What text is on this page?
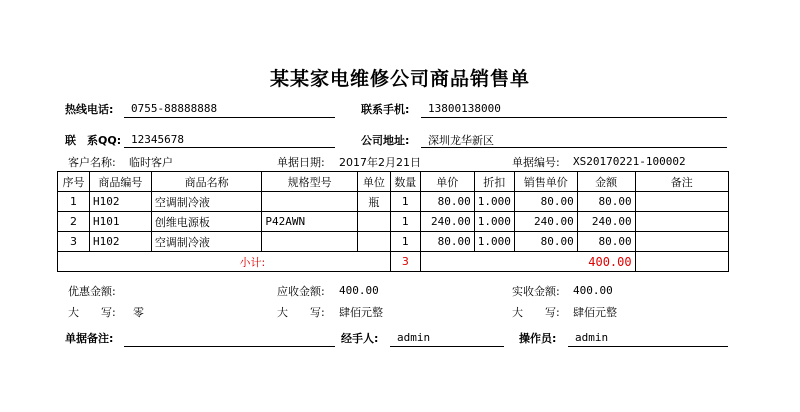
某某家电维修公司商品销售单
热线电话: 0755-88888888	联系手机: 13800138000
联　系QQ: 12345678	公司地址: 深圳龙华新区
客户名称: 临时客户	单据日期: 2017年2月21日	单据编号: XS20170221-100002
序号	商品编号	商品名称	规格型号	单位	数量	单价	折扣	销售单价	金额	备注
1	H102	空调制冷液		瓶	1	80.00	1.000	80.00	80.00	
2	H101	创维电源板	P42AWN		1	240.00	1.000	240.00	240.00	
3	H102	空调制冷液			1	80.00	1.000	80.00	80.00	
小计:					3	400.00				
优惠金额:	应收金额: 400.00	实收金额: 400.00
大　　写: 零	大　　写: 肆佰元整	大　　写: 肆佰元整
单据备注:	经手人: admin	操作员: admin
